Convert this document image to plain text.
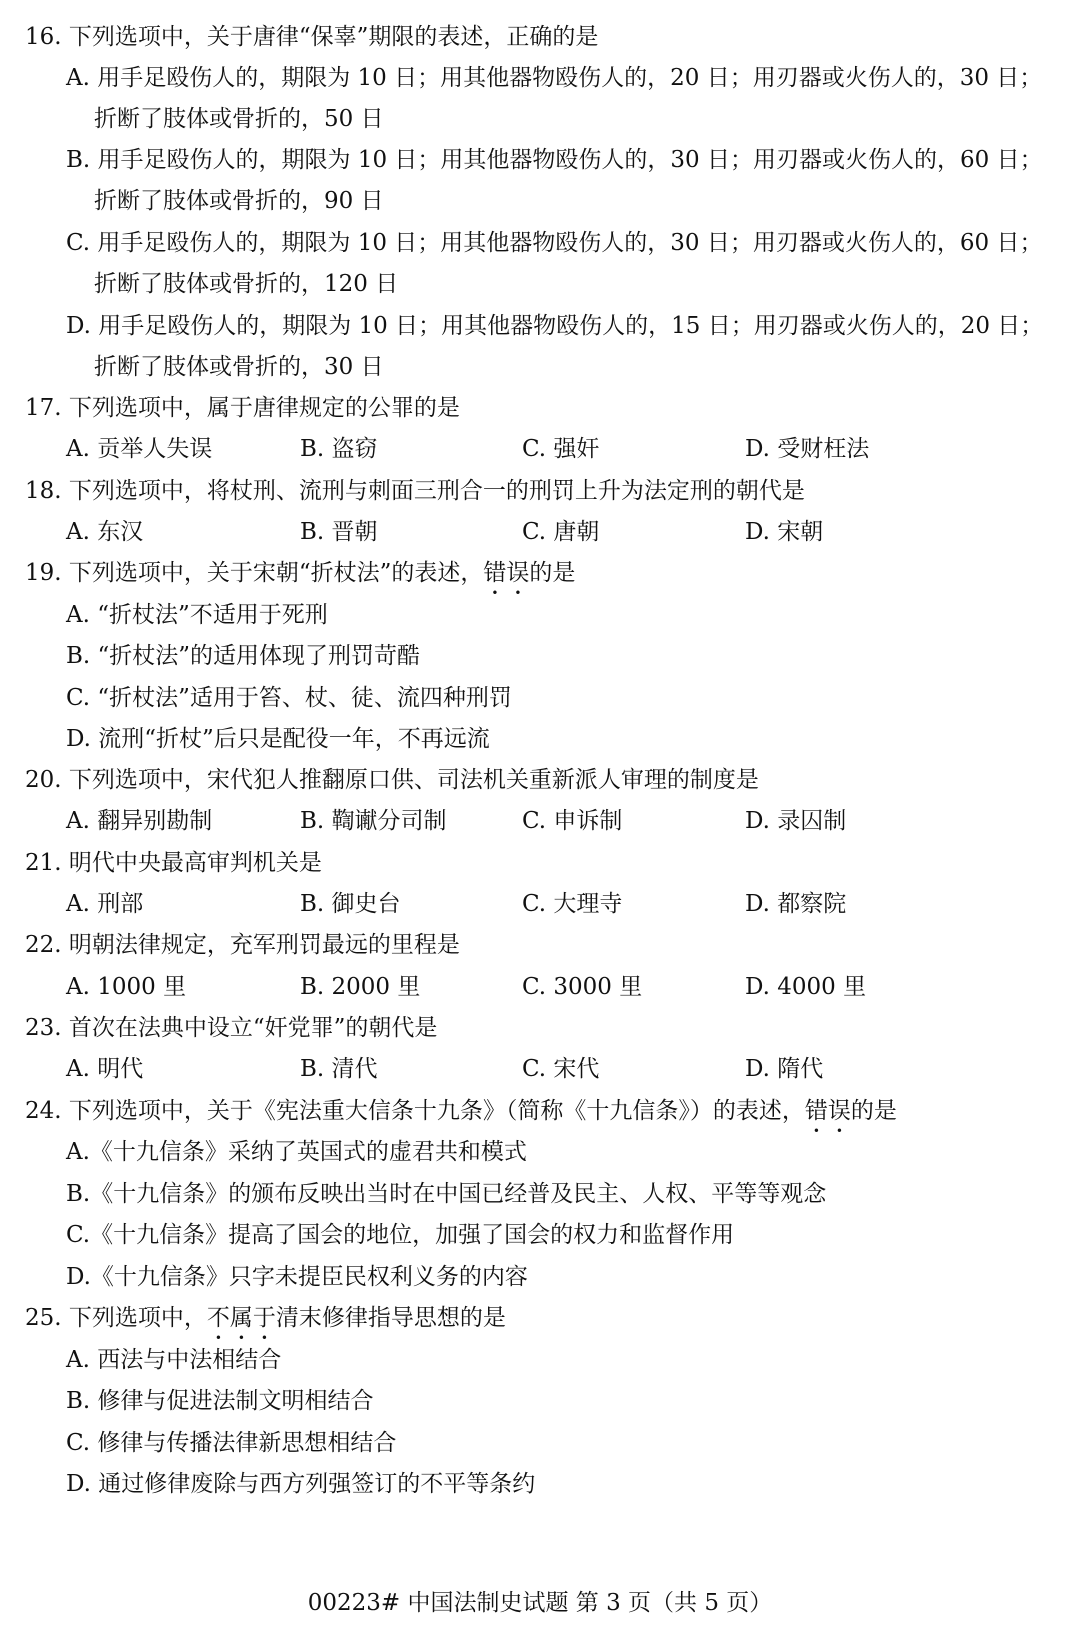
16. 下列选项中，关于唐律“保辜”期限的表述，正确的是
A. 用手足殴伤人的，期限为 10 日；用其他器物殴伤人的，20 日；用刃器或火伤人的，30 日；
折断了肢体或骨折的，50 日
B. 用手足殴伤人的，期限为 10 日；用其他器物殴伤人的，30 日；用刃器或火伤人的，60 日；
折断了肢体或骨折的，90 日
C. 用手足殴伤人的，期限为 10 日；用其他器物殴伤人的，30 日；用刃器或火伤人的，60 日；
折断了肢体或骨折的，120 日
D. 用手足殴伤人的，期限为 10 日；用其他器物殴伤人的，15 日；用刃器或火伤人的，20 日；
折断了肢体或骨折的，30 日
17. 下列选项中，属于唐律规定的公罪的是
A. 贡举人失误	B. 盗窃	C. 强奸	D. 受财枉法
18. 下列选项中，将杖刑、流刑与刺面三刑合一的刑罚上升为法定刑的朝代是
A. 东汉	B. 晋朝	C. 唐朝	D. 宋朝
19. 下列选项中，关于宋朝“折杖法”的表述，错误的是
A. “折杖法”不适用于死刑
B. “折杖法”的适用体现了刑罚苛酷
C. “折杖法”适用于笞、杖、徒、流四种刑罚
D. 流刑“折杖”后只是配役一年，不再远流
20. 下列选项中，宋代犯人推翻原口供、司法机关重新派人审理的制度是
A. 翻异别勘制	B. 鞫谳分司制	C. 申诉制	D. 录囚制
21. 明代中央最高审判机关是
A. 刑部	B. 御史台	C. 大理寺	D. 都察院
22. 明朝法律规定，充军刑罚最远的里程是
A. 1000 里	B. 2000 里	C. 3000 里	D. 4000 里
23. 首次在法典中设立“奸党罪”的朝代是
A. 明代	B. 清代	C. 宋代	D. 隋代
24. 下列选项中，关于《宪法重大信条十九条》（简称《十九信条》）的表述，错误的是
A.《十九信条》采纳了英国式的虚君共和模式
B.《十九信条》的颁布反映出当时在中国已经普及民主、人权、平等等观念
C.《十九信条》提高了国会的地位，加强了国会的权力和监督作用
D.《十九信条》只字未提臣民权利义务的内容
25. 下列选项中，不属于清末修律指导思想的是
A. 西法与中法相结合
B. 修律与促进法制文明相结合
C. 修律与传播法律新思想相结合
D. 通过修律废除与西方列强签订的不平等条约
00223# 中国法制史试题 第 3 页（共 5 页）
